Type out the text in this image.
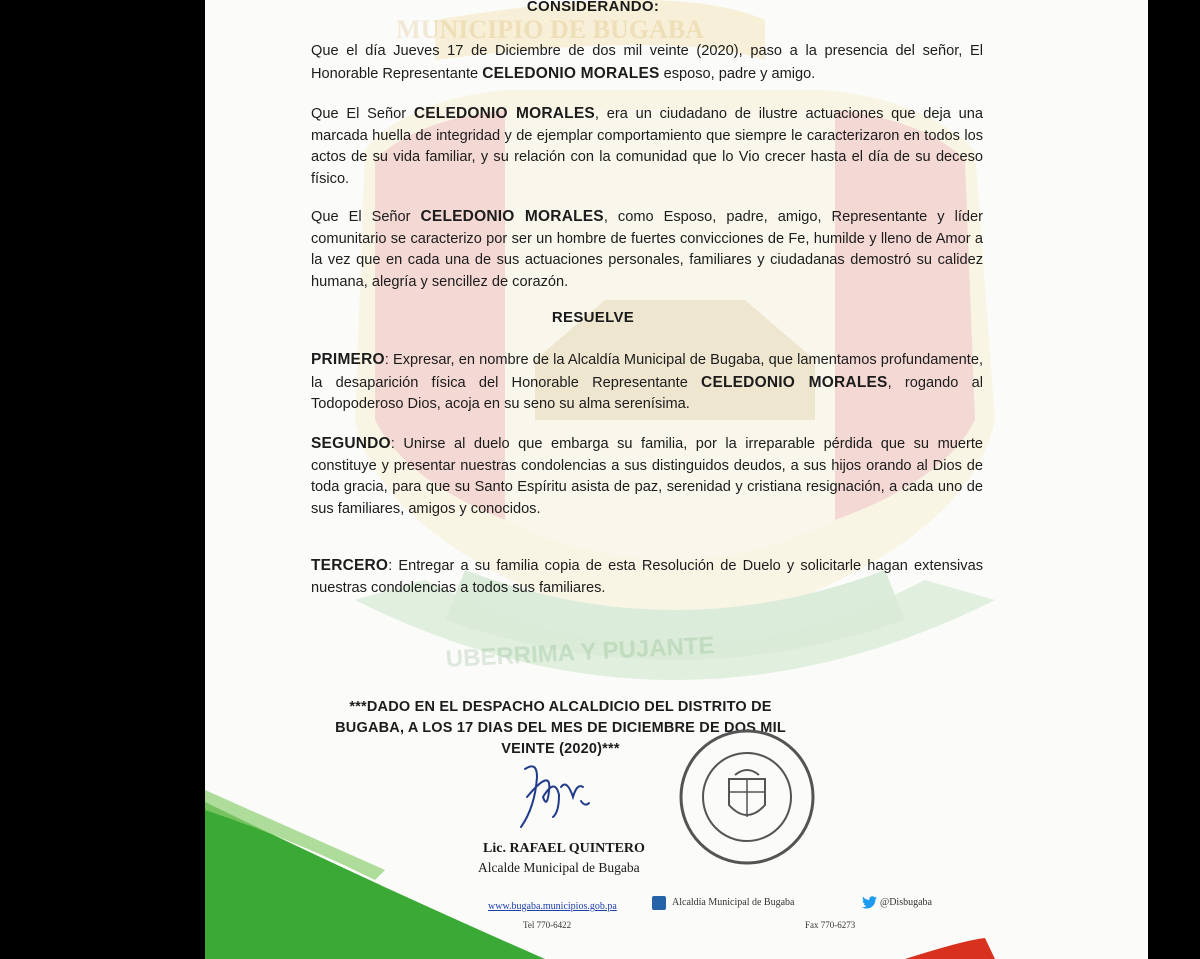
MUNICIPIO DE BUGABA
UBERRIMA Y PUJANTE
CONSIDERANDO:

Que el día Jueves 17 de Diciembre de dos mil veinte (2020), paso a la presencia del señor, El Honorable Representante CELEDONIO MORALES esposo, padre y amigo.

Que El Señor CELEDONIO MORALES, era un ciudadano de ilustre actuaciones que deja una marcada huella de integridad y de ejemplar comportamiento que siempre le caracterizaron en todos los actos de su vida familiar, y su relación con la comunidad que lo Vio crecer hasta el día de su deceso físico.

Que El Señor CELEDONIO MORALES, como Esposo, padre, amigo, Representante y líder comunitario se caracterizo por ser un hombre de fuertes convicciones de Fe, humilde y lleno de Amor a la vez que en cada una de sus actuaciones personales, familiares y ciudadanas demostró su calidez humana, alegría y sencillez de corazón.

RESUELVE

PRIMERO: Expresar, en nombre de la Alcaldía Municipal de Bugaba, que lamentamos profundamente, la desaparición física del Honorable Representante CELEDONIO MORALES, rogando al Todopoderoso Dios, acoja en su seno su alma serenísima.

SEGUNDO: Unirse al duelo que embarga su familia, por la irreparable pérdida que su muerte constituye y presentar nuestras condolencias a sus distinguidos deudos, a sus hijos orando al Dios de toda gracia, para que su Santo Espíritu asista de paz, serenidad y cristiana resignación, a cada uno de sus familiares, amigos y conocidos.

TERCERO: Entregar a su familia copia de esta Resolución de Duelo y solicitarle hagan extensivas nuestras condolencias a todos sus familiares.

***DADO EN EL DESPACHO ALCALDICIO DEL DISTRITO DE BUGABA, A LOS 17 DIAS DEL MES DE DICIEMBRE DE DOS MIL VEINTE (2020)***
Lic. RAFAEL QUINTERO
Alcalde Municipal de Bugaba
www.bugaba.municipios.gob.pa
Tel 770-6422
Alcaldía Municipal de Bugaba	@Disbugaba
Fax 770-6273
